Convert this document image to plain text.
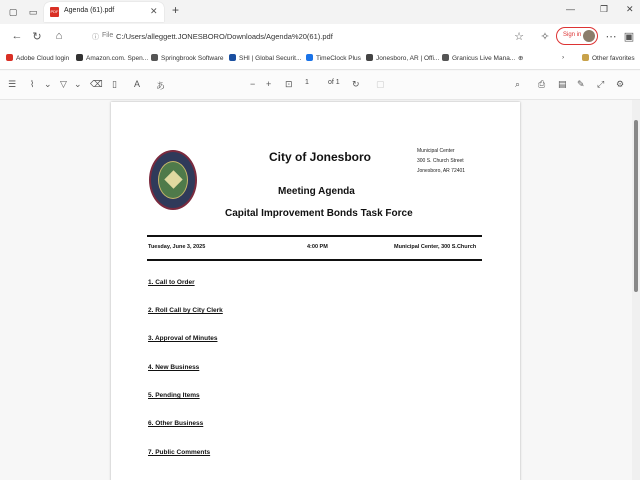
▢	▭	PDF Agenda (61).pdf	✕ +	—	❐ ✕
← ↻	⌂	ⓘ File C:/Users/alleggett.JONESBORO/Downloads/Agenda%20(61).pdf	☆ ✧	Sign in ⋯ ▣
Adobe Cloud login	Amazon.com. Spen...	Springbrook Software	SHI | Global Securit...	TimeClock Plus	Jonesboro, AR | Offi...	Granicus Live Mana... ⊕	›	Other favorites
☰ ⌇ ⌄ ▽ ⌄ ⌫ ▯ A あ	− + ⊡ 1	of 1 ↻ ▢	⌕ ⎙ ▤ ✎ ⤢ ⚙
City of Jonesboro	Municipal Center
300 S. Church Street
Jonesboro, AR 72401
Meeting Agenda
Capital Improvement Bonds Task Force
Tuesday, June 3, 2025	4:00 PM	Municipal Center, 300 S.Church
1. Call to Order
2. Roll Call by City Clerk
3. Approval of Minutes
4. New Business
5. Pending Items
6. Other Business
7. Public Comments
